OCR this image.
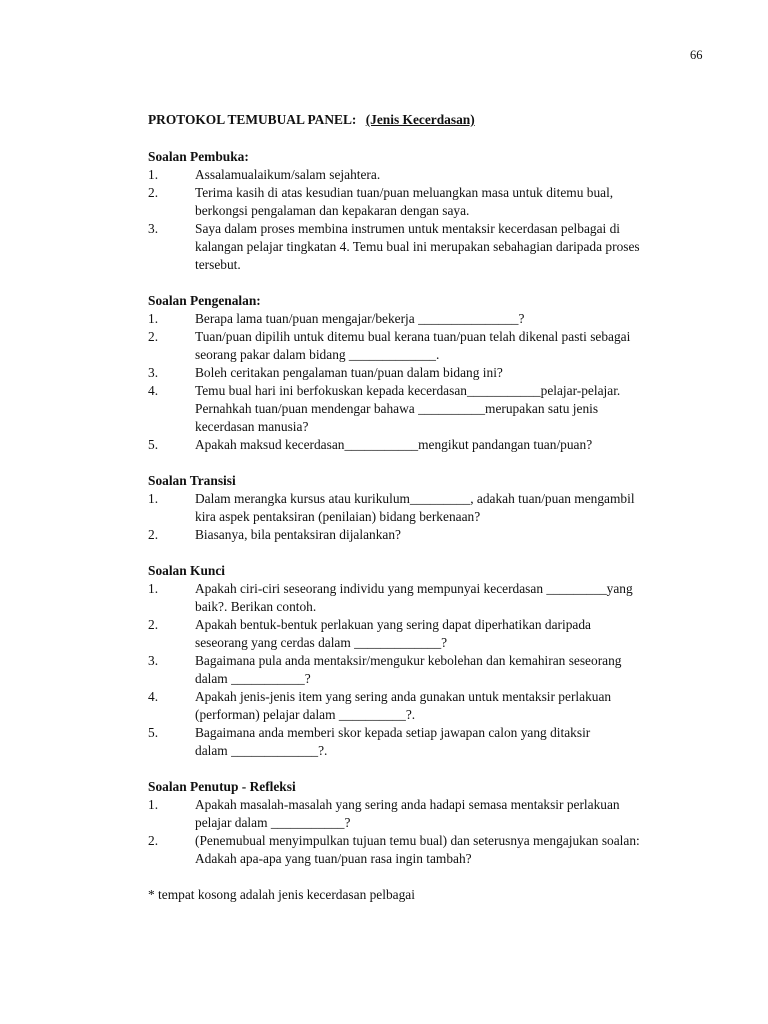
66
PROTOKOL TEMUBUAL PANEL: (Jenis Kecerdasan)
Soalan Pembuka:
1.	Assalamualaikum/salam sejahtera.
2.	Terima kasih di atas kesudian tuan/puan meluangkan masa untuk ditemu bual,
berkongsi pengalaman dan kepakaran dengan saya.
3.	Saya dalam proses membina instrumen untuk mentaksir kecerdasan pelbagai di
kalangan pelajar tingkatan 4. Temu bual ini merupakan sebahagian daripada proses
tersebut.
Soalan Pengenalan:
1.	Berapa lama tuan/puan mengajar/bekerja _______________?
2.	Tuan/puan dipilih untuk ditemu bual kerana tuan/puan telah dikenal pasti sebagai
seorang pakar dalam bidang _____________.
3.	Boleh ceritakan pengalaman tuan/puan dalam bidang ini?
4.	Temu bual hari ini berfokuskan kepada kecerdasan___________pelajar-pelajar.
Pernahkah tuan/puan mendengar bahawa __________merupakan satu jenis
kecerdasan manusia?
5.	Apakah maksud kecerdasan___________mengikut pandangan tuan/puan?
Soalan Transisi
1.	Dalam merangka kursus atau kurikulum_________, adakah tuan/puan mengambil
kira aspek pentaksiran (penilaian) bidang berkenaan?
2.	Biasanya, bila pentaksiran dijalankan?
Soalan Kunci
1.	Apakah ciri-ciri seseorang individu yang mempunyai kecerdasan _________yang
baik?. Berikan contoh.
2.	Apakah bentuk-bentuk perlakuan yang sering dapat diperhatikan daripada
seseorang yang cerdas dalam _____________?
3.	Bagaimana pula anda mentaksir/mengukur kebolehan dan kemahiran seseorang
dalam ___________?
4.	Apakah jenis-jenis item yang sering anda gunakan untuk mentaksir perlakuan
(performan) pelajar dalam __________?.
5.	Bagaimana anda memberi skor kepada setiap jawapan calon yang ditaksir
dalam _____________?.
Soalan Penutup - Refleksi
1.	Apakah masalah-masalah yang sering anda hadapi semasa mentaksir perlakuan
pelajar dalam ___________?
2.	(Penemubual menyimpulkan tujuan temu bual) dan seterusnya mengajukan soalan:
Adakah apa-apa yang tuan/puan rasa ingin tambah?
* tempat kosong adalah jenis kecerdasan pelbagai
